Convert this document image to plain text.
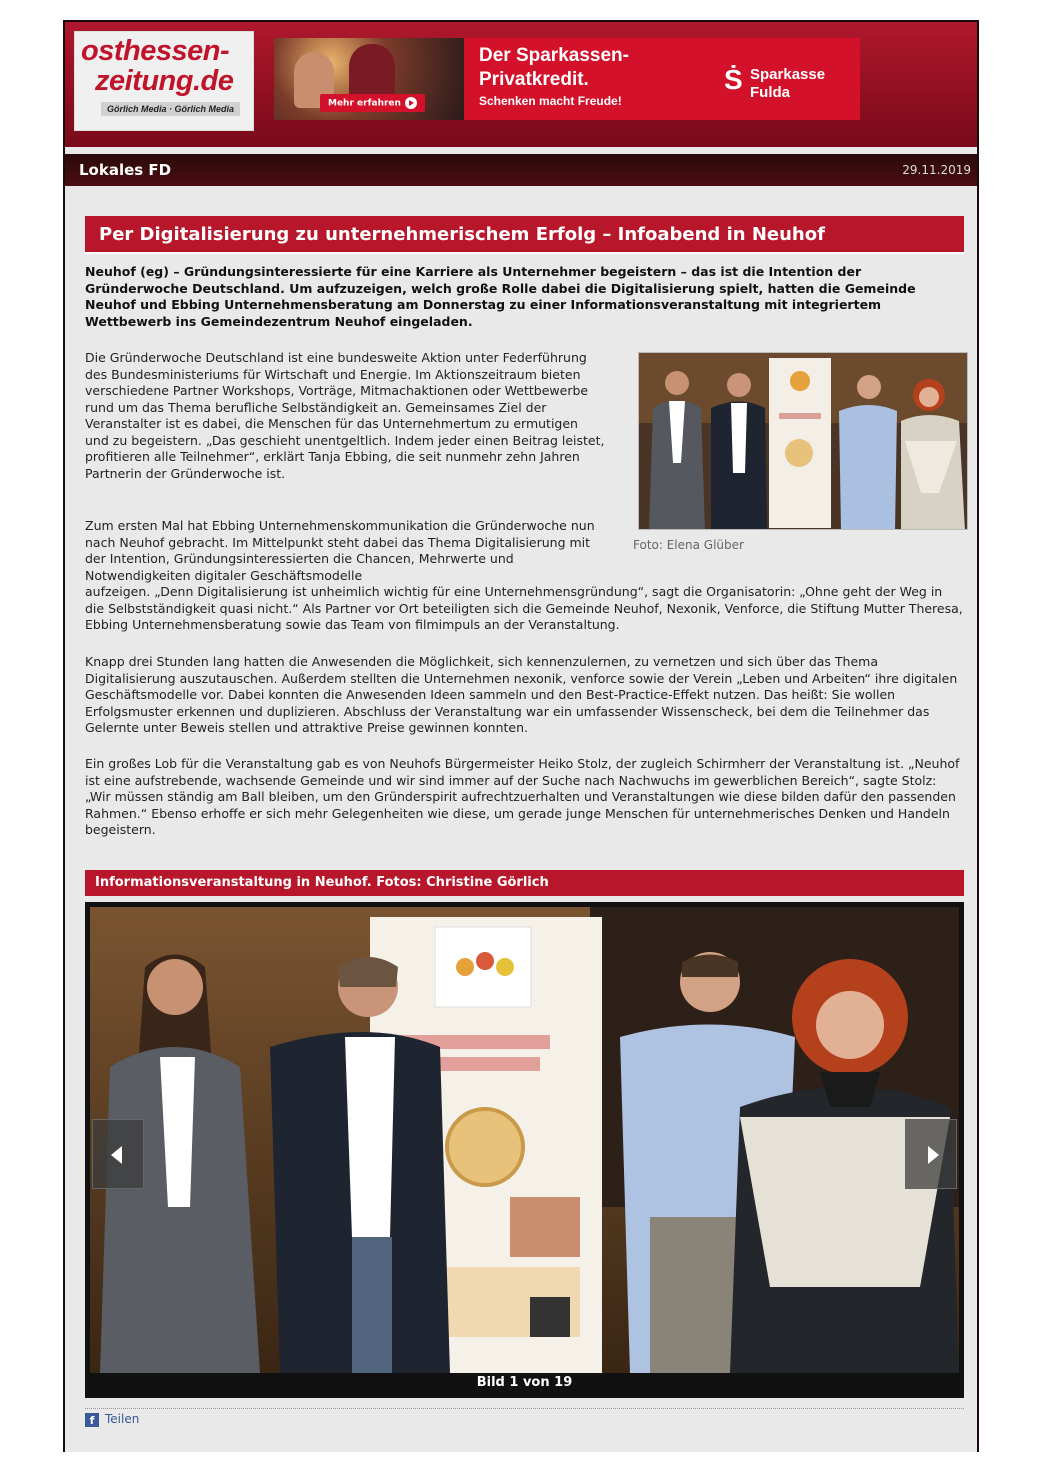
osthessen-
zeitung.de
Görlich Media · Görlich Media
Mehr erfahren
Der Sparkassen-
Privatkredit.
Schenken macht Freude!
Ṡ Sparkasse
Fulda
Lokales FD	29.11.2019
Per Digitalisierung zu unternehmerischem Erfolg – Infoabend in Neuhof
Neuhof (eg) – Gründungsinteressierte für eine Karriere als Unternehmer begeistern – das ist die Intention der Gründerwoche Deutschland. Um aufzuzeigen, welch große Rolle dabei die Digitalisierung spielt, hatten die Gemeinde Neuhof und Ebbing Unternehmensberatung am Donnerstag zu einer Informationsveranstaltung mit integriertem Wettbewerb ins Gemeindezentrum Neuhof eingeladen.
Die Gründerwoche Deutschland ist eine bundesweite Aktion unter Federführung des Bundesministeriums für Wirtschaft und Energie. Im Aktionszeitraum bieten verschiedene Partner Workshops, Vorträge, Mitmachaktionen oder Wettbewerbe rund um das Thema berufliche Selbständigkeit an. Gemeinsames Ziel der Veranstalter ist es dabei, die Menschen für das Unternehmertum zu ermutigen und zu begeistern. „Das geschieht unentgeltlich. Indem jeder einen Beitrag leistet, profitieren alle Teilnehmer“, erklärt Tanja Ebbing, die seit nunmehr zehn Jahren Partnerin der Gründerwoche ist.
Foto: Elena Glüber
Zum ersten Mal hat Ebbing Unternehmenskommunikation die Gründerwoche nun nach Neuhof gebracht. Im Mittelpunkt steht dabei das Thema Digitalisierung mit der Intention, Gründungsinteressierten die Chancen, Mehrwerte und Notwendigkeiten digitaler Geschäftsmodelle
aufzeigen. „Denn Digitalisierung ist unheimlich wichtig für eine Unternehmensgründung“, sagt die Organisatorin: „Ohne geht der Weg in die Selbstständigkeit quasi nicht.“ Als Partner vor Ort beteiligten sich die Gemeinde Neuhof, Nexonik, Venforce, die Stiftung Mutter Theresa, Ebbing Unternehmensberatung sowie das Team von filmimpuls an der Veranstaltung.
Knapp drei Stunden lang hatten die Anwesenden die Möglichkeit, sich kennenzulernen, zu vernetzen und sich über das Thema Digitalisierung auszutauschen. Außerdem stellten die Unternehmen nexonik, venforce sowie der Verein „Leben und Arbeiten“ ihre digitalen Geschäftsmodelle vor. Dabei konnten die Anwesenden Ideen sammeln und den Best-Practice-Effekt nutzen. Das heißt: Sie wollen Erfolgsmuster erkennen und duplizieren. Abschluss der Veranstaltung war ein umfassender Wissenscheck, bei dem die Teilnehmer das Gelernte unter Beweis stellen und attraktive Preise gewinnen konnten.
Ein großes Lob für die Veranstaltung gab es von Neuhofs Bürgermeister Heiko Stolz, der zugleich Schirmherr der Veranstaltung ist. „Neuhof ist eine aufstrebende, wachsende Gemeinde und wir sind immer auf der Suche nach Nachwuchs im gewerblichen Bereich“, sagte Stolz: „Wir müssen ständig am Ball bleiben, um den Gründerspirit aufrechtzuerhalten und Veranstaltungen wie diese bilden dafür den passenden Rahmen.“ Ebenso erhoffe er sich mehr Gelegenheiten wie diese, um gerade junge Menschen für unternehmerisches Denken und Handeln begeistern.
Informationsveranstaltung in Neuhof. Fotos: Christine Görlich
Bild 1 von 19
f Teilen
